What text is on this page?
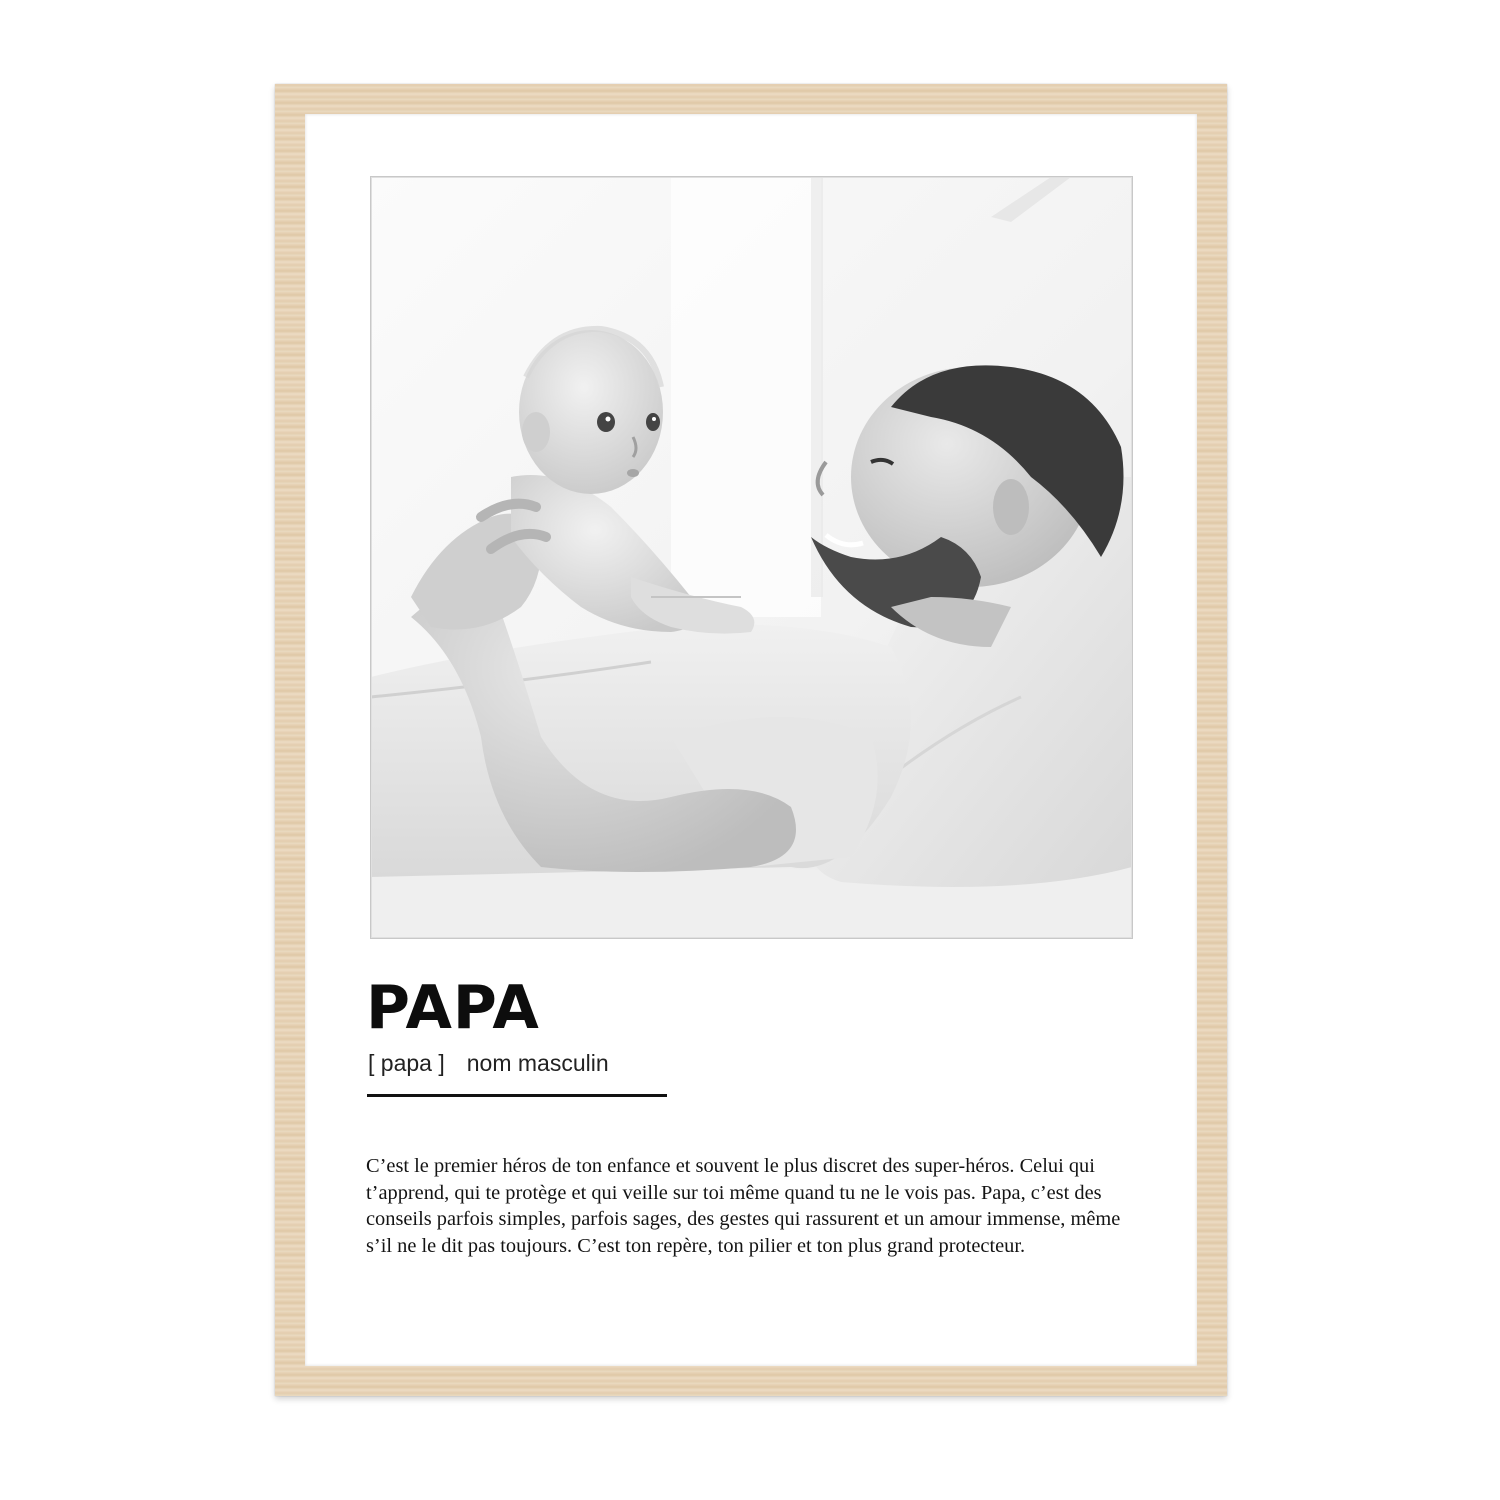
PAPA
[ papa ] nom masculin

C’est le premier héros de ton enfance et souvent le plus discret des super-héros. Celui qui t’apprend, qui te protège et qui veille sur toi même quand tu ne le vois pas. Papa, c’est des conseils parfois simples, parfois sages, des gestes qui rassurent et un amour immense, même s’il ne le dit pas toujours. C’est ton repère, ton pilier et ton plus grand protecteur.
